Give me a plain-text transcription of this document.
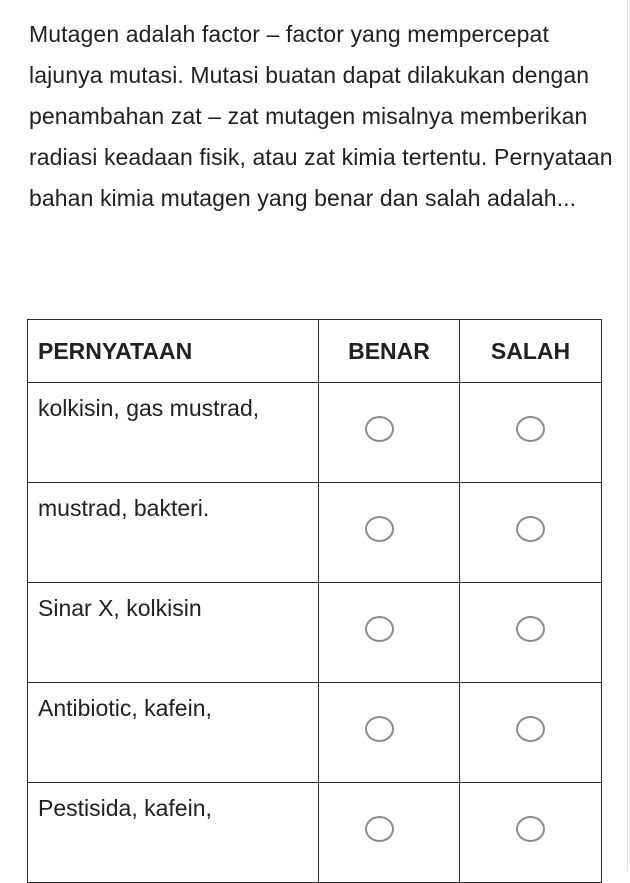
Mutagen adalah factor – factor yang mempercepat lajunya mutasi. Mutasi buatan dapat dilakukan dengan penambahan zat – zat mutagen misalnya memberikan radiasi keadaan fisik, atau zat kimia tertentu. Pernyataan bahan kimia mutagen yang benar dan salah adalah...

PERNYATAAN	BENAR	SALAH
kolkisin, gas mustrad,		
mustrad, bakteri.		
Sinar X, kolkisin		
Antibiotic, kafein,		
Pestisida, kafein,		
